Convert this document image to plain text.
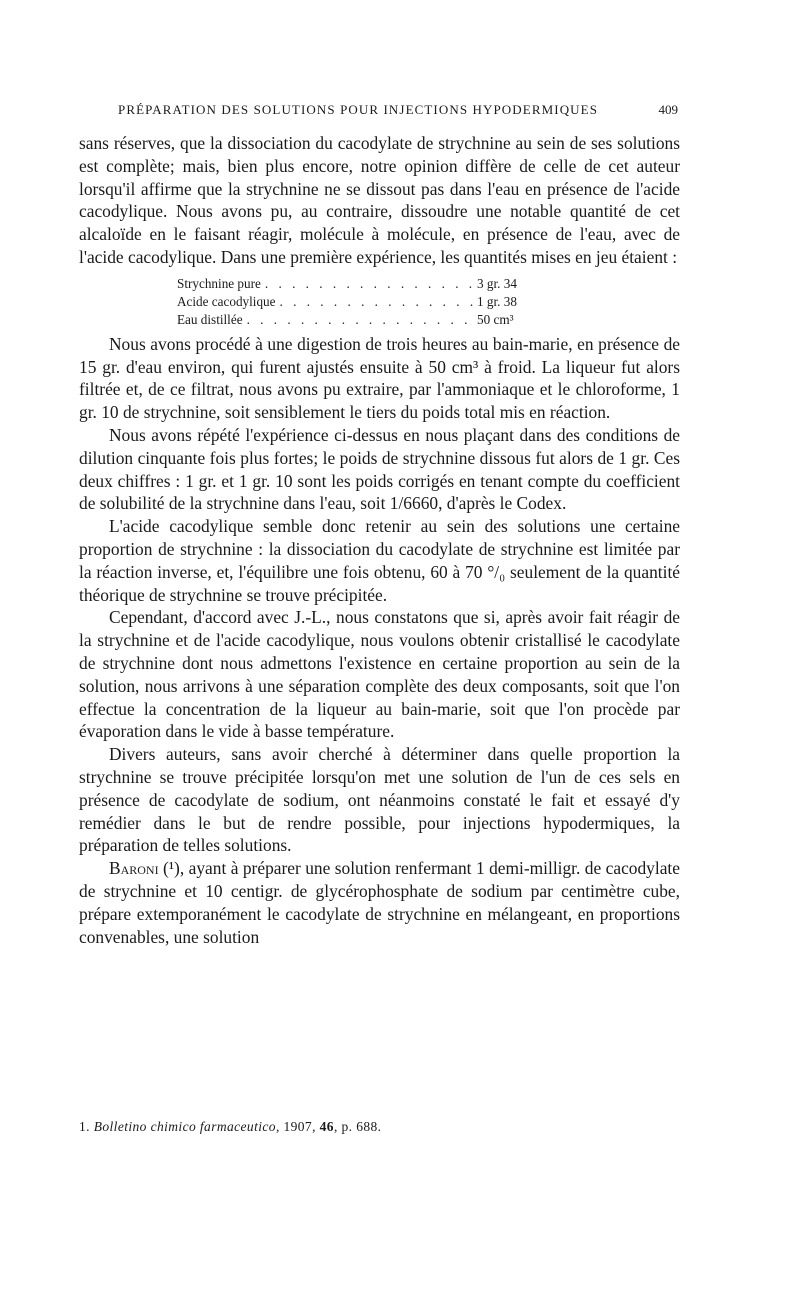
PRÉPARATION DES SOLUTIONS POUR INJECTIONS HYPODERMIQUES	409

sans réserves, que la dissociation du cacodylate de strychnine au sein de ses solutions est complète; mais, bien plus encore, notre opinion diffère de celle de cet auteur lorsqu'il affirme que la strychnine ne se dissout pas dans l'eau en présence de l'acide cacodylique. Nous avons pu, au contraire, dissoudre une notable quantité de cet alcaloïde en le faisant réagir, molécule à molécule, en présence de l'eau, avec de l'acide cacodylique. Dans une première expérience, les quantités mises en jeu étaient :

Strychnine pure . . .	3 gr. 34
Acide cacodylique . . .	1 gr. 38
Eau distillée . . .	50 cm³

Nous avons procédé à une digestion de trois heures au bain-marie, en présence de 15 gr. d'eau environ, qui furent ajustés ensuite à 50 cm³ à froid. La liqueur fut alors filtrée et, de ce filtrat, nous avons pu extraire, par l'ammoniaque et le chloroforme, 1 gr. 10 de strychnine, soit sensiblement le tiers du poids total mis en réaction.

Nous avons répété l'expérience ci-dessus en nous plaçant dans des conditions de dilution cinquante fois plus fortes; le poids de strychnine dissous fut alors de 1 gr. Ces deux chiffres : 1 gr. et 1 gr. 10 sont les poids corrigés en tenant compte du coefficient de solubilité de la strychnine dans l'eau, soit 1/6660, d'après le Codex.

L'acide cacodylique semble donc retenir au sein des solutions une certaine proportion de strychnine : la dissociation du cacodylate de strychnine est limitée par la réaction inverse, et, l'équilibre une fois obtenu, 60 à 70 °/₀ seulement de la quantité théorique de strychnine se trouve précipitée.

Cependant, d'accord avec J.-L., nous constatons que si, après avoir fait réagir de la strychnine et de l'acide cacodylique, nous voulons obtenir cristallisé le cacodylate de strychnine dont nous admettons l'existence en certaine proportion au sein de la solution, nous arrivons à une séparation complète des deux composants, soit que l'on effectue la concentration de la liqueur au bain-marie, soit que l'on procède par évaporation dans le vide à basse température.

Divers auteurs, sans avoir cherché à déterminer dans quelle proportion la strychnine se trouve précipitée lorsqu'on met une solution de l'un de ces sels en présence de cacodylate de sodium, ont néanmoins constaté le fait et essayé d'y remédier dans le but de rendre possible, pour injections hypodermiques, la préparation de telles solutions.

Baroni (¹), ayant à préparer une solution renfermant 1 demi-milligr. de cacodylate de strychnine et 10 centigr. de glycérophosphate de sodium par centimètre cube, prépare extemporanément le cacodylate de strychnine en mélangeant, en proportions convenables, une solution

1. Bolletino chimico farmaceutico, 1907, 46, p. 688.
